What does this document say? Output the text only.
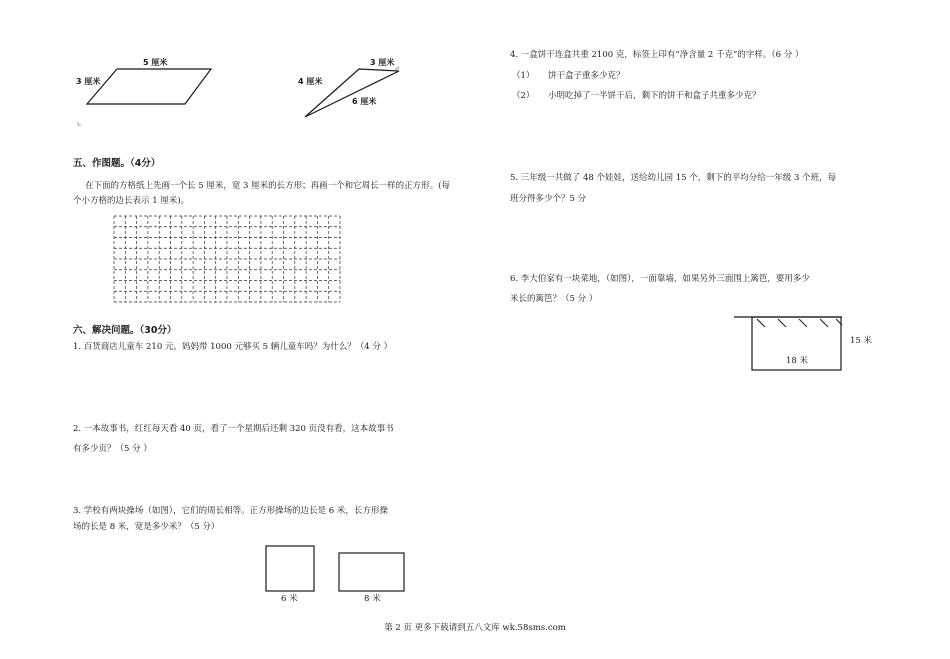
5 厘米
3 厘米	4 厘米
3 厘米
6 厘米
五、作图题。（4分）
在下面的方格纸上先画一个长 5 厘米，宽 3 厘米的长方形；再画一个和它周长一样的正方形。(每个小方格的边长表示 1 厘米)。
六、解决问题。（30分）
1. 百货商店儿童车 210 元，妈妈带 1000 元够买 5 辆儿童车吗？为什么？（4 分 ）
2. 一本故事书，红红每天看 40 页，看了一个星期后还剩 320 页没有看，这本故事书
有多少页？（5 分 ）
3. 学校有两块操场（如图），它们的周长相等。正方形操场的边长是 6 米，长方形操
场的长是 8 米，宽是多少米？（5 分）
6 米	8 米
4. 一盒饼干连盒共重 2100 克，标签上印有“净含量 2 千克”的字样。（6 分 ）
（1） 饼干盒子重多少克？
（2） 小明吃掉了一半饼干后，剩下的饼干和盒子共重多少克？
5. 三年级一共做了 48 个娃娃，送给幼儿园 15 个，剩下的平均分给一年级 3 个班，每
班分得多少个？5 分
6. 李大伯家有一块菜地，（如图），一面靠墙，如果另外三面围上篱笆，要用多少
米长的篱笆？（5 分 ）
15 米
18 米
第 2 页 更多下载请到五八文库 wk.58sms.com
